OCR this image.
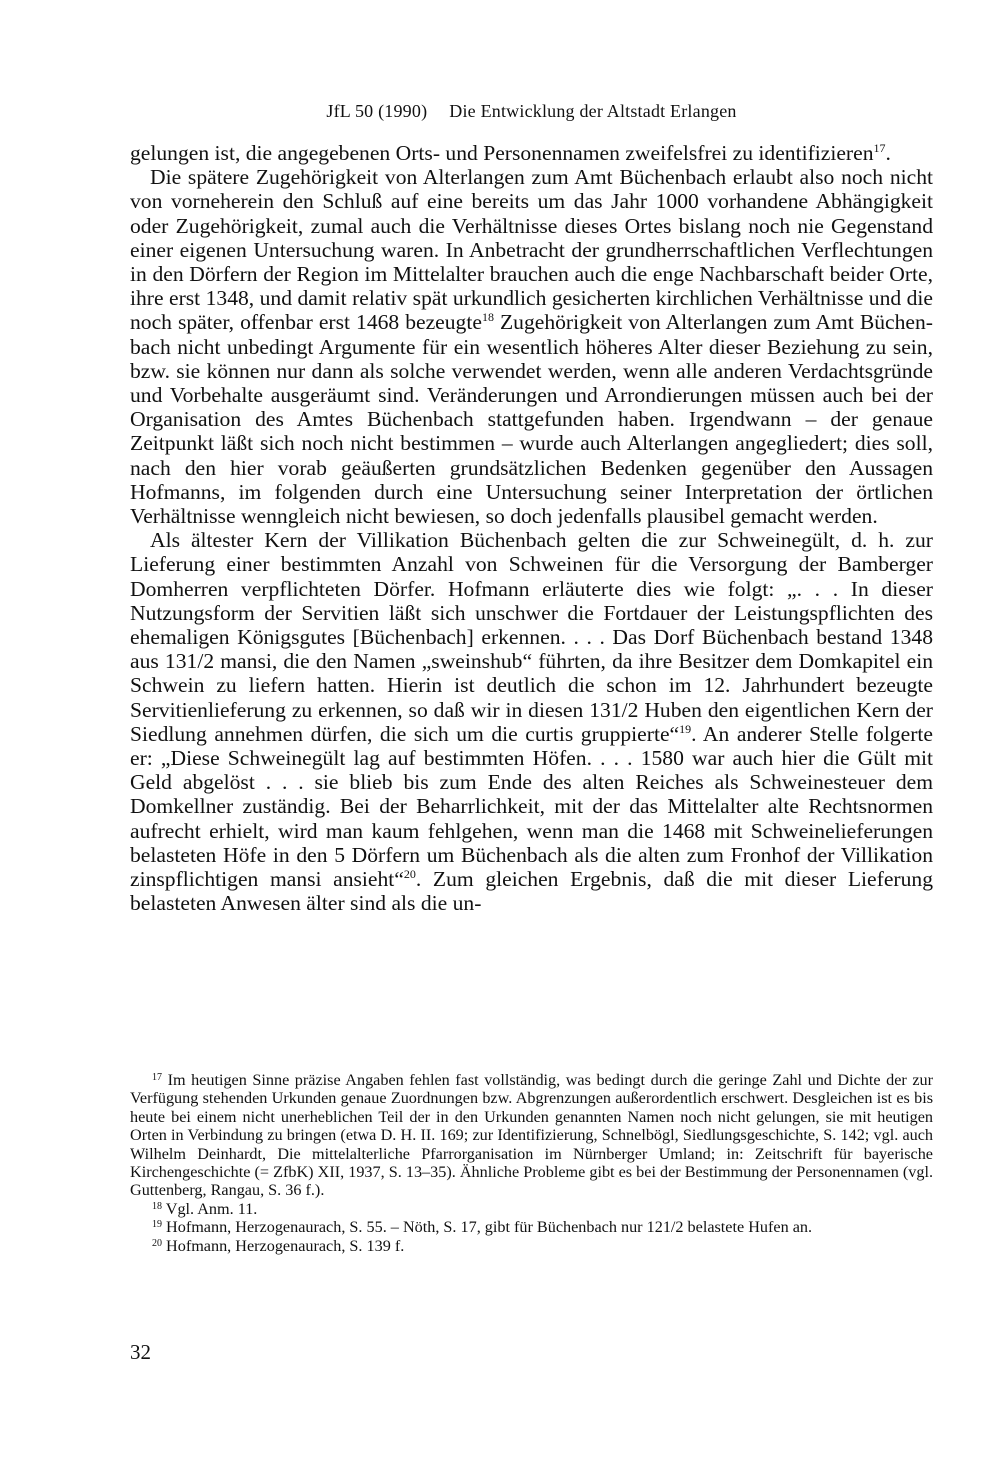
JfL 50 (1990) Die Entwicklung der Altstadt Erlangen

gelungen ist, die angegebenen Orts- und Personennamen zweifelsfrei zu identifizieren$^{17}$.

Die spätere Zugehörigkeit von Alterlangen zum Amt Büchenbach erlaubt also noch nicht von vorneherein den Schluß auf eine bereits um das Jahr 1000 vorhandene Abhängigkeit oder Zugehörigkeit, zumal auch die Verhältnisse dieses Ortes bislang noch nie Gegenstand einer eigenen Untersuchung waren. In Anbetracht der grundherrschaftlichen Verflechtungen in den Dörfern der Region im Mittelalter brauchen auch die enge Nachbarschaft beider Orte, ihre erst 1348, und damit relativ spät urkundlich gesicherten kirchlichen Verhältnisse und die noch später, offenbar erst 1468 bezeugte$^{18}$ Zugehörigkeit von Alterlangen zum Amt Büchenbach nicht unbedingt Argumente für ein wesentlich höheres Alter dieser Beziehung zu sein, bzw. sie können nur dann als solche verwendet werden, wenn alle anderen Verdachtsgründe und Vorbehalte ausgeräumt sind. Veränderungen und Arrondierungen müssen auch bei der Organisation des Amtes Büchenbach stattgefunden haben. Irgendwann – der genaue Zeitpunkt läßt sich noch nicht bestimmen – wurde auch Alterlangen angegliedert; dies soll, nach den hier vorab geäußerten grundsätzlichen Bedenken gegenüber den Aussagen Hofmanns, im folgenden durch eine Untersuchung seiner Interpretation der örtlichen Verhältnisse wenngleich nicht bewiesen, so doch jedenfalls plausibel gemacht werden.

Als ältester Kern der Villikation Büchenbach gelten die zur Schweinegült, d. h. zur Lieferung einer bestimmten Anzahl von Schweinen für die Versorgung der Bamberger Domherren verpflichteten Dörfer. Hofmann erläuterte dies wie folgt: „. . . In dieser Nutzungsform der Servitien läßt sich unschwer die Fortdauer der Leistungspflichten des ehemaligen Königsgutes [Büchenbach] erkennen. . . . Das Dorf Büchenbach bestand 1348 aus 131/2 mansi, die den Namen „sweinshub“ führten, da ihre Besitzer dem Domkapitel ein Schwein zu liefern hatten. Hierin ist deutlich die schon im 12. Jahrhundert bezeugte Servitienlieferung zu erkennen, so daß wir in diesen 131/2 Huben den eigentlichen Kern der Siedlung annehmen dürfen, die sich um die curtis gruppierte“$^{19}$. An anderer Stelle folgerte er: „Diese Schweinegült lag auf bestimmten Höfen. . . . 1580 war auch hier die Gült mit Geld abgelöst . . . sie blieb bis zum Ende des alten Reiches als Schweinesteuer dem Domkellner zuständig. Bei der Beharrlichkeit, mit der das Mittelalter alte Rechtsnormen aufrecht erhielt, wird man kaum fehlgehen, wenn man die 1468 mit Schweinelieferungen belasteten Höfe in den 5 Dörfern um Büchenbach als die alten zum Fronhof der Villikation zinspflichtigen mansi ansieht“$^{20}$. Zum gleichen Ergebnis, daß die mit dieser Lieferung belasteten Anwesen älter sind als die un-

$^{17}$ Im heutigen Sinne präzise Angaben fehlen fast vollständig, was bedingt durch die geringe Zahl und Dichte der zur Verfügung stehenden Urkunden genaue Zuordnungen bzw. Abgrenzungen außerordentlich erschwert. Desgleichen ist es bis heute bei einem nicht unerheblichen Teil der in den Urkunden genannten Namen noch nicht gelungen, sie mit heutigen Orten in Verbindung zu bringen (etwa D. H. II. 169; zur Identifizierung, Schnelbögl, Siedlungsgeschichte, S. 142; vgl. auch Wilhelm Deinhardt, Die mittelalterliche Pfarrorganisation im Nürnberger Umland; in: Zeitschrift für bayerische Kirchengeschichte (= ZfbK) XII, 1937, S. 13–35). Ähnliche Probleme gibt es bei der Bestimmung der Personennamen (vgl. Guttenberg, Rangau, S. 36 f.).

$^{18}$ Vgl. Anm. 11.

$^{19}$ Hofmann, Herzogenaurach, S. 55. – Nöth, S. 17, gibt für Büchenbach nur 121/2 belastete Hufen an.

$^{20}$ Hofmann, Herzogenaurach, S. 139 f.

32
